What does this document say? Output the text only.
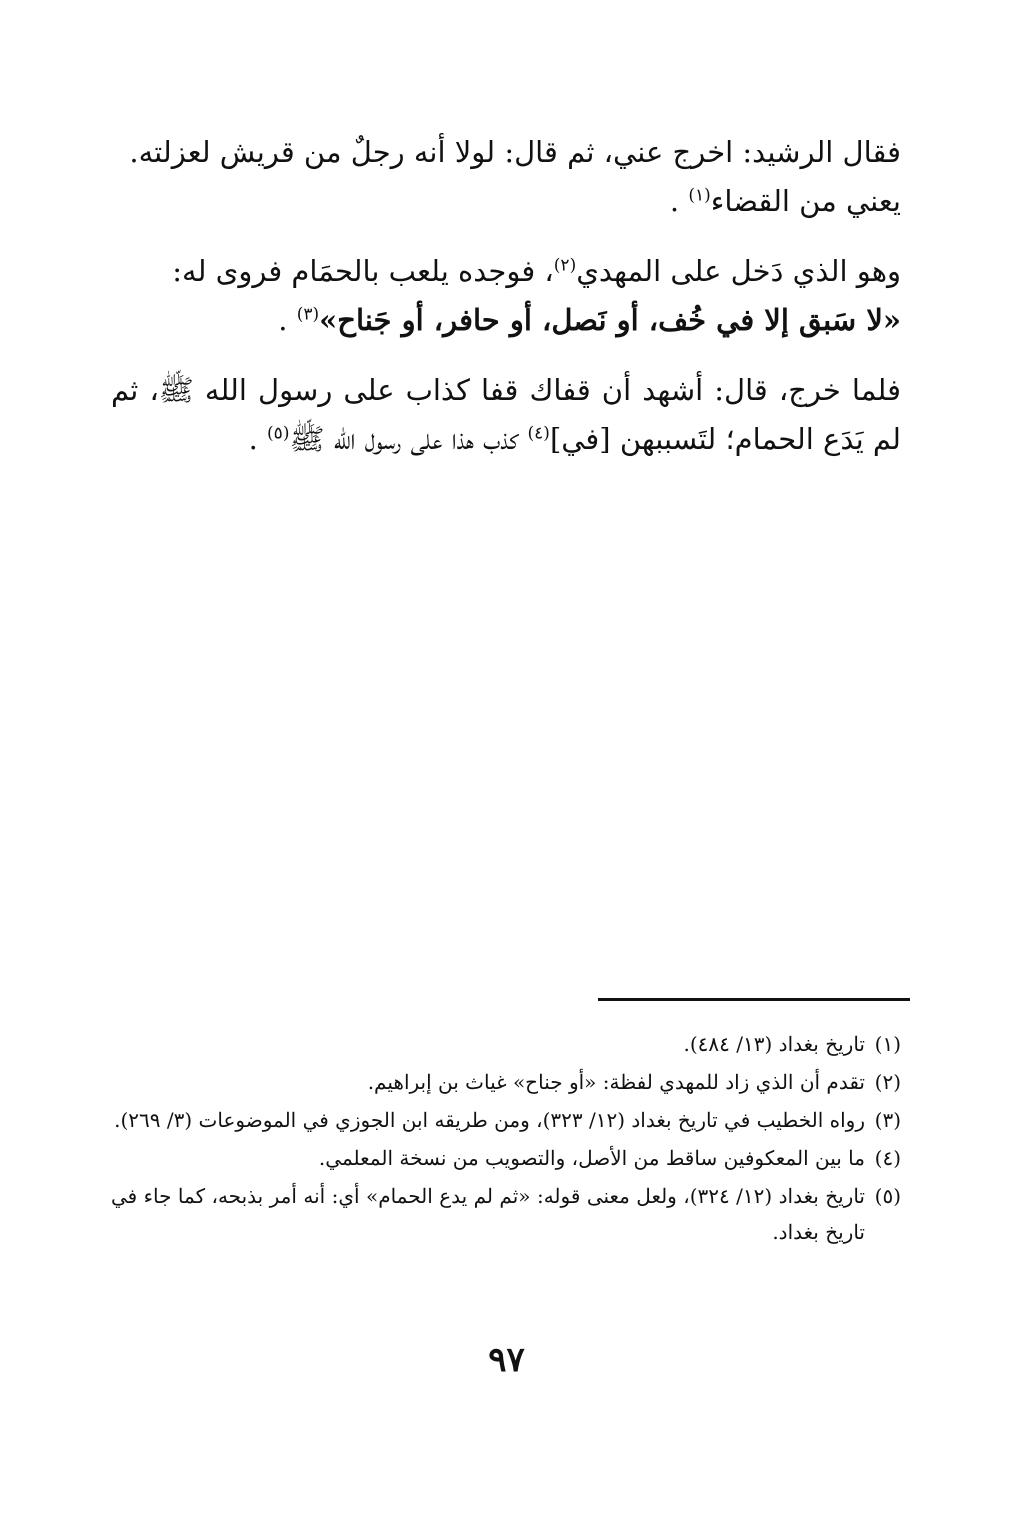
فقال الرشيد: اخرج عني، ثم قال: لولا أنه رجلٌ من قريش لعزلته.
يعني من القضاء$^{(١)}$ .

وهو الذي دَخل على المهدي$^{(٢)}$، فوجده يلعب بالحمَام فروى له:
«لا سَبق إلا في خُف، أو نَصل، أو حافر، أو جَناح»$^{(٣)}$ .

فلما خرج، قال: أشهد أن قفاك قفا كذاب على رسول الله ﷺ، ثم لم يَدَع الحمام؛ لتَسببهن [في]$^{(٤)}$ كذب هذا على رسول الله ﷺ$^{(٥)}$ .

(١)
تاريخ بغداد (١٣/ ٤٨٤).
(٢)
تقدم أن الذي زاد للمهدي لفظة: «أو جناح» غياث بن إبراهيم.
(٣)
رواه الخطيب في تاريخ بغداد (١٢/ ٣٢٣)، ومن طريقه ابن الجوزي في الموضوعات (٣/ ٢٦٩).
(٤)
ما بين المعكوفين ساقط من الأصل، والتصويب من نسخة المعلمي.
(٥)
تاريخ بغداد (١٢/ ٣٢٤)، ولعل معنى قوله: «ثم لم يدع الحمام» أي: أنه أمر بذبحه، كما جاء في تاريخ بغداد.
٩٧
